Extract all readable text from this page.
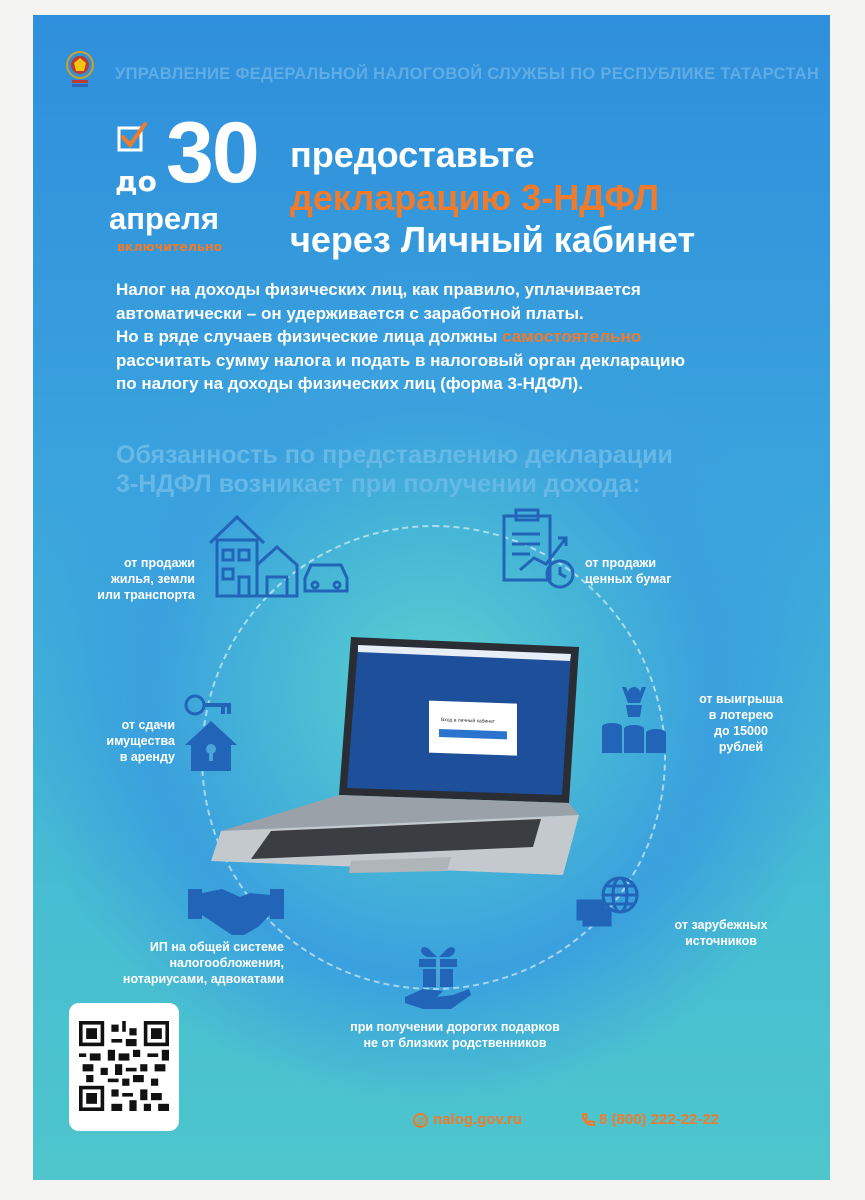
УПРАВЛЕНИЕ ФЕДЕРАЛЬНОЙ НАЛОГОВОЙ СЛУЖБЫ ПО РЕСПУБЛИКЕ ТАТАРСТАН
до 30
апреля
включительно
предоставьте
декларацию 3-НДФЛ
через Личный кабинет
Налог на доходы физических лиц, как правило, уплачивается
автоматически – он удерживается с заработной платы.
Но в ряде случаев физические лица должны самостоятельно
рассчитать сумму налога и подать в налоговый орган декларацию
по налогу на доходы физических лиц (форма 3-НДФЛ).
Обязанность по представлению декларации
3-НДФЛ возникает при получении дохода:
Вход в личный кабинет
от продажи
жилья, земли
или транспорта
от продажи
ценных бумаг
от сдачи
имущества
в аренду
от выигрыша
в лотерею
до 15000
рублей
ИП на общей системе
налогообложения,
нотариусами, адвокатами
от зарубежных
источников
при получении дорогих подарков
не от близких родственников
@ nalog.gov.ru	8 (800) 222-22-22
